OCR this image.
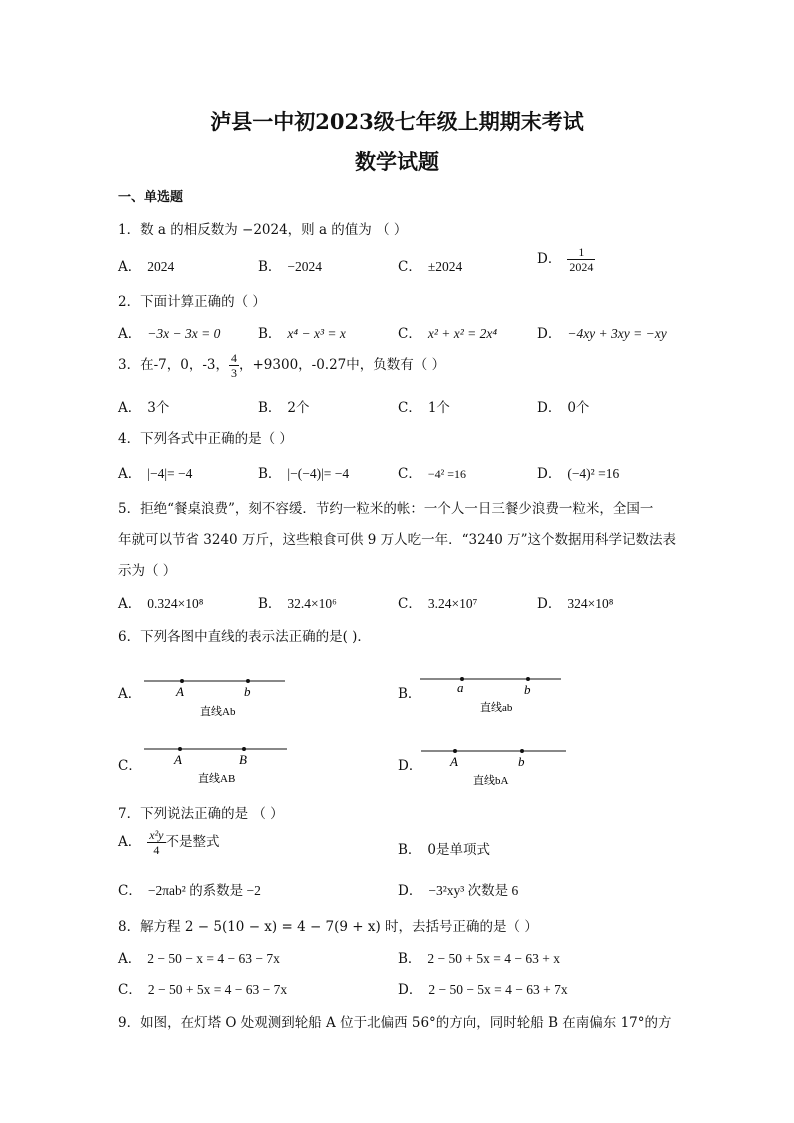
泸县一中初2023级七年级上期期末考试
数学试题
一、单选题
1．数 a 的相反数为 −2024，则 a 的值为 （ ）
A． 2024	B． −2024	C． ±2024	D． $\frac{1}{2024}$
2．下面计算正确的（ ）
A． −3x − 3x = 0	B． x⁴ − x³ = x	C． x² + x² = 2x⁴	D． −4xy + 3xy = −xy
3．在-7，0，-3， $\frac{4}{3}$ ，+9300，-0.27中，负数有（ ）
A． 3个	B． 2个	C． 1个	D． 0个
4．下列各式中正确的是（ ）
A． |−4|= −4	B． |−(−4)|= −4	C． −4² =16	D． (−4)² =16
5．拒绝“餐桌浪费”，刻不容缓．节约一粒米的帐：一个人一日三餐少浪费一粒米，全国一
年就可以节省 3240 万斤，这些粮食可供 9 万人吃一年．“3240 万”这个数据用科学记数法表
示为（ ）
A． 0.324×10⁸	B． 32.4×10⁶	C． 3.24×10⁷	D． 324×10⁸
6．下列各图中直线的表示法正确的是( )．
A．	A	b
直线Ab
B．	a	b
直线ab
C． A	B
直线AB
D． A	b
直线bA
7．下列说法正确的是 （ ）
A． $\frac{\text{x²y}}{4}$ 不是整式	B． 0是单项式
C． −2πab² 的系数是 −2	D． −3²xy³ 次数是 6
8．解方程 2 − 5(10 − x) = 4 − 7(9 + x) 时，去括号正确的是（ ）
A． 2 − 50 − x = 4 − 63 − 7x	B． 2 − 50 + 5x = 4 − 63 + x
C． 2 − 50 + 5x = 4 − 63 − 7x	D． 2 − 50 − 5x = 4 − 63 + 7x
9．如图，在灯塔 O 处观测到轮船 A 位于北偏西 56°的方向，同时轮船 B 在南偏东 17°的方
